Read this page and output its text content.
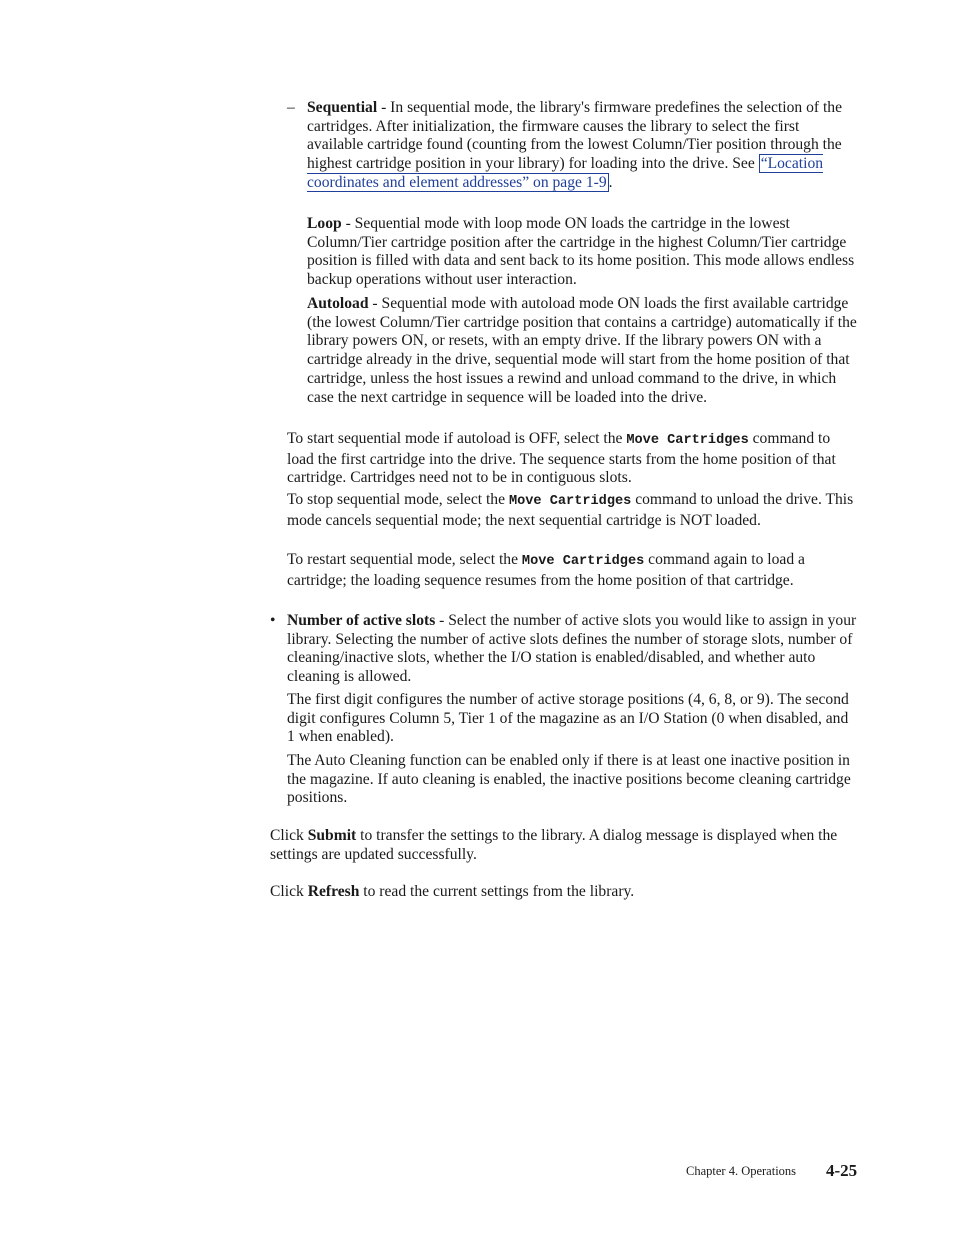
– Sequential - In sequential mode, the library's firmware predefines the selection of the cartridges. After initialization, the firmware causes the library to select the first available cartridge found (counting from the lowest Column/Tier position through the highest cartridge position in your library) for loading into the drive. See “Location coordinates and element addresses” on page 1-9 .

Loop - Sequential mode with loop mode ON loads the cartridge in the lowest Column/Tier cartridge position after the cartridge in the highest Column/Tier cartridge position is filled with data and sent back to its home position. This mode allows endless backup operations without user interaction.

Autoload - Sequential mode with autoload mode ON loads the first available cartridge (the lowest Column/Tier cartridge position that contains a cartridge) automatically if the library powers ON, or resets, with an empty drive. If the library powers ON with a cartridge already in the drive, sequential mode will start from the home position of that cartridge, unless the host issues a rewind and unload command to the drive, in which case the next cartridge in sequence will be loaded into the drive.

To start sequential mode if autoload is OFF, select the Move Cartridges command to load the first cartridge into the drive. The sequence starts from the home position of that cartridge. Cartridges need not to be in contiguous slots.

To stop sequential mode, select the Move Cartridges command to unload the drive. This mode cancels sequential mode; the next sequential cartridge is NOT loaded.

To restart sequential mode, select the Move Cartridges command again to load a cartridge; the loading sequence resumes from the home position of that cartridge.

• Number of active slots - Select the number of active slots you would like to assign in your library. Selecting the number of active slots defines the number of storage slots, number of cleaning/inactive slots, whether the I/O station is enabled/disabled, and whether auto cleaning is allowed.

The first digit configures the number of active storage positions (4, 6, 8, or 9). The second digit configures Column 5, Tier 1 of the magazine as an I/O Station (0 when disabled, and 1 when enabled).

The Auto Cleaning function can be enabled only if there is at least one inactive position in the magazine. If auto cleaning is enabled, the inactive positions become cleaning cartridge positions.

Click Submit to transfer the settings to the library. A dialog message is displayed when the settings are updated successfully.

Click Refresh to read the current settings from the library.

Chapter 4. Operations 4-25
